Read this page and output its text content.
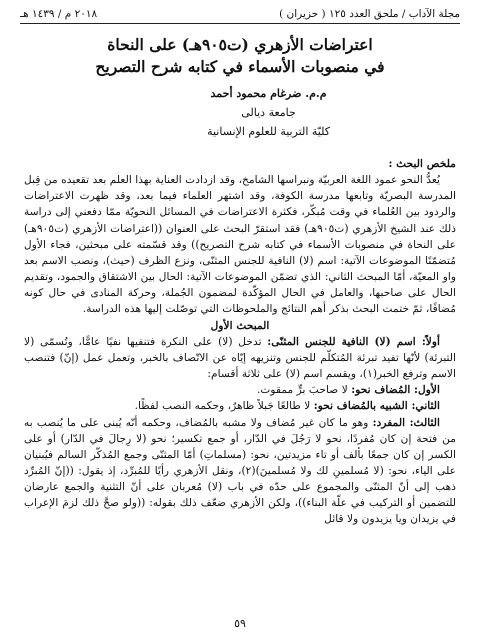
مجلة الآداب / ملحق العدد ١٢٥ ( حزيران )
٢٠١٨ م / ١٤٣٩ هـ
اعتراضات الأزهري (ت٩٠٥هـ) على النحاة
في منصوبات الأسماء في كتابه شرح التصريح
م.م. ضرغام محمود أحمد
جامعة ديالى
كليّة التربية للعلوم الإنسانية

ملخص البحث :

يُعدُّ النحو عمود اللغة العربيّة ونبراسها الشامخ، وقد ازدادت العناية بهذا العلم بعد تقعيده من قِبل المدرسة البصريّة وتابعها مدرسة الكوفة، وقد اشتهر العلماء فيما بعد، وقد ظهرت الاعتراضات والردود بين العُلماء في وقت مُبكّر، فكثرة الاعتراضات في المسائل النحويّة ممّا دفعني إلى دراسة ذلك عند الشيخ الأزهري (ت٩٠٥هـ) فقد استقرّ البحث على العنوان ((اعتراضات الأزهري (ت٩٠٥هـ) على النحاة في منصوبات الأسماء في كتابه شرح التصريح)) وقد قسّمته على مبحثين، فجاء الأول مُتضمّنًا الموضوعات الآتية: اسم (لا) النافية للجنس المثنّى، ونزع الظرف (حيث)، ونصب الاسم بعد واو المعيّة، أمّا المبحث الثاني: الذي تضمّن الموضوعات الآتية: الحال بين الاشتقاق والجمود، وتقديم الحال على صاحبها، والعامل في الحال المؤكّدة لمضمون الجُملة، وحركة المنادى في حال كونه مُضافًا، ثمّ ختمت البحث بذكر أهم النتائج والملحوظات التي توصّلت إليها هذه الدراسة.

المبحث الأول

أولاً: اسم (لا) النافية للجنس المثنّى: تدخل (لا) على النكرة فتنفيها نفيًا عامًّا، وتُسمّى (لا التبرئة) لأنّها تفيد تبرئة المُتكلّم للجنس وتنزيهه إيّاه عن الاتّصاف بالخبر، وتعمل عمل (إنّ) فتنصب الاسم وترفع الخبر(١)، ويقسم اسم (لا) على ثلاثة أقسام:

الأول: المُضاف نحو: لا صاحبَ برٍّ ممقوت.

الثاني: الشبيه بالمُضاف نحو: لا طالعًا جَبلاً ظاهرٌ، وحكمه النصب لفظًا.

الثالث: المفرد: وهو ما كان غير مُضاف ولا مشبه بالمُضاف، وحكمه أنّه يُبنى على ما يُنصب به من فتحة إن كان مُفردًا، نحو لا رَجُلَ في الدّار، أو جمع تكسير؛ نحو (لا رِجالَ في الدّار) أو على الكسر إن كان جمعًا بألف أو تاء مزيدتين، نحو: (مسلماتِ) أمّا المثنّى وجمع المُذكّر السالم فيُبنيان على الياء، نحو: (لا مُسلمينِ لك ولا مُسلمينَ)(٢)، ونقل الأزهري رأيًا للمُبرِّد، إذ يقول: ((إنّ المُبرِّد ذهب إلى أنّ المثنّى والمجموع على حدّه في باب (لا) مُعربان على أنّ التثنية والجمع عارضان للتضمين أو التركيب في علّة البناء))، ولكن الأزهري ضعّف ذلك بقوله: ((ولو صحَّ ذلك لزمَ الإعراب في يزيدان ويا يزيدون ولا قائل

٥٩
